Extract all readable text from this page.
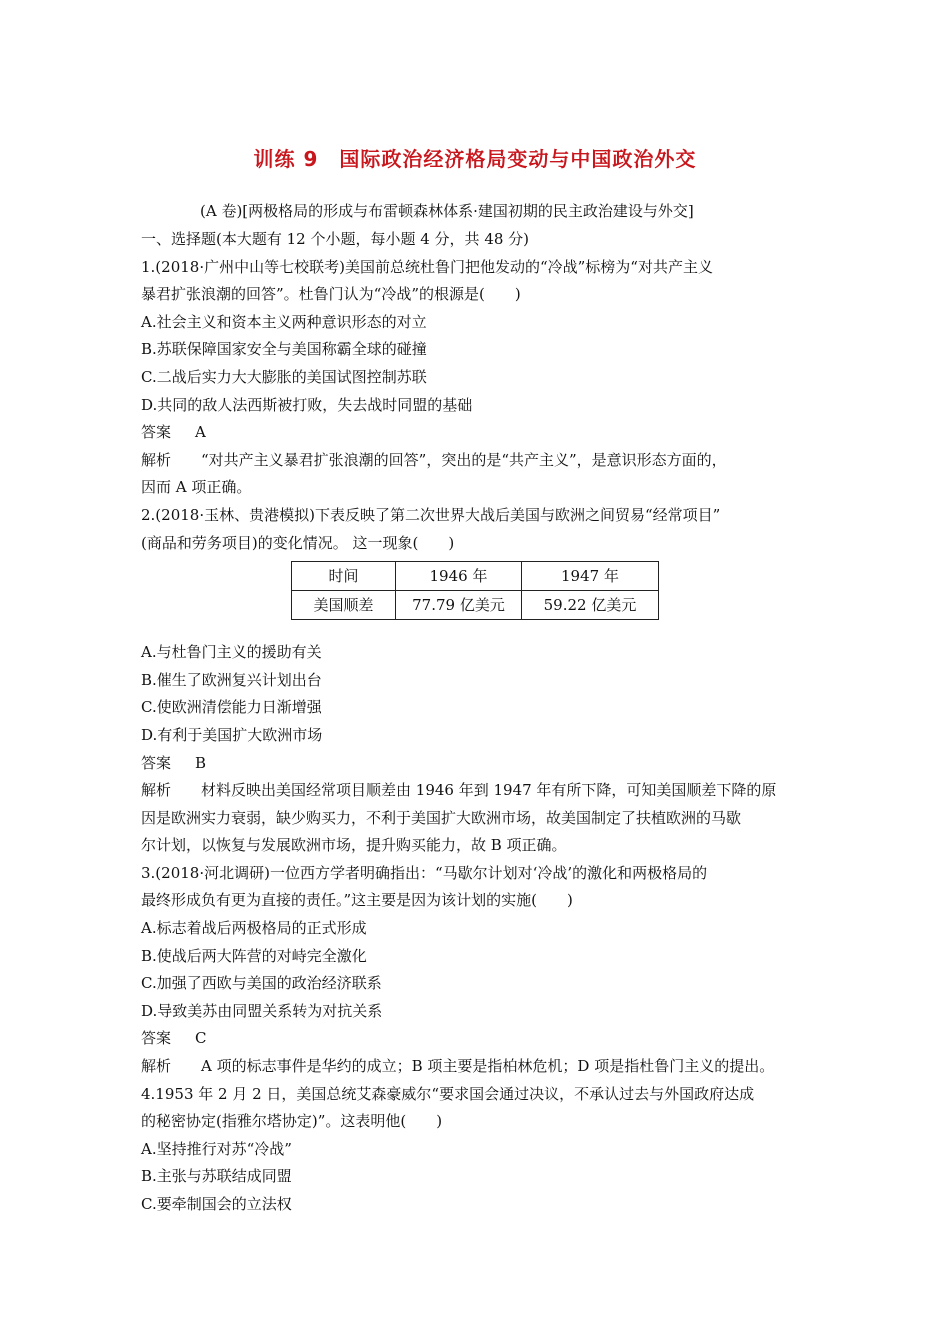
训练 9　国际政治经济格局变动与中国政治外交
(A 卷)[两极格局的形成与布雷顿森林体系·建国初期的民主政治建设与外交]

一、选择题(本大题有 12 个小题，每小题 4 分，共 48 分)

1.(2018·广州中山等七校联考)美国前总统杜鲁门把他发动的“冷战”标榜为“对共产主义

暴君扩张浪潮的回答”。杜鲁门认为“冷战”的根源是(　　)

A.社会主义和资本主义两种意识形态的对立

B.苏联保障国家安全与美国称霸全球的碰撞

C.二战后实力大大膨胀的美国试图控制苏联

D.共同的敌人法西斯被打败，失去战时同盟的基础

答案 A

解析 “对共产主义暴君扩张浪潮的回答”，突出的是“共产主义”，是意识形态方面的，

因而 A 项正确。

2.(2018·玉林、贵港模拟)下表反映了第二次世界大战后美国与欧洲之间贸易“经常项目”

(商品和劳务项目)的变化情况。 这一现象(　　)

时间	1946 年	1947 年
美国顺差	77.79 亿美元	59.22 亿美元

A.与杜鲁门主义的援助有关

B.催生了欧洲复兴计划出台

C.使欧洲清偿能力日渐增强

D.有利于美国扩大欧洲市场

答案 B

解析 材料反映出美国经常项目顺差由 1946 年到 1947 年有所下降，可知美国顺差下降的原

因是欧洲实力衰弱，缺少购买力，不利于美国扩大欧洲市场，故美国制定了扶植欧洲的马歇

尔计划，以恢复与发展欧洲市场，提升购买能力，故 B 项正确。

3.(2018·河北调研)一位西方学者明确指出：“马歇尔计划对‘冷战’的激化和两极格局的

最终形成负有更为直接的责任。”这主要是因为该计划的实施(　　)

A.标志着战后两极格局的正式形成

B.使战后两大阵营的对峙完全激化

C.加强了西欧与美国的政治经济联系

D.导致美苏由同盟关系转为对抗关系

答案 C

解析 A 项的标志事件是华约的成立；B 项主要是指柏林危机；D 项是指杜鲁门主义的提出。

4.1953 年 2 月 2 日，美国总统艾森豪威尔“要求国会通过决议，不承认过去与外国政府达成

的秘密协定(指雅尔塔协定)”。这表明他(　　)

A.坚持推行对苏“冷战”

B.主张与苏联结成同盟

C.要牵制国会的立法权
